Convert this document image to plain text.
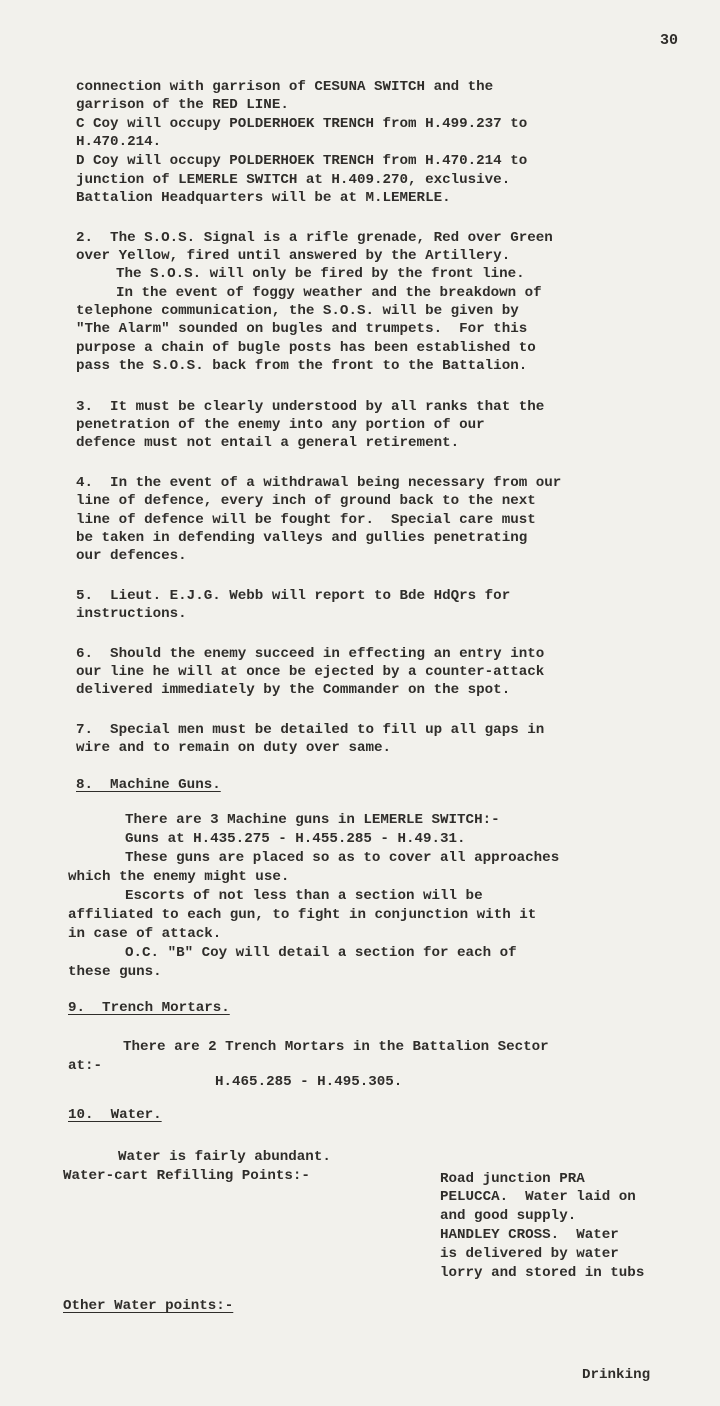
30

connection with garrison of CESUNA SWITCH and the

garrison of the RED LINE.

C Coy will occupy POLDERHOEK TRENCH from H.499.237 to

H.470.214.

D Coy will occupy POLDERHOEK TRENCH from H.470.214 to

junction of LEMERLE SWITCH at H.409.270, exclusive.

Battalion Headquarters will be at M.LEMERLE.

2.  The S.O.S. Signal is a rifle grenade, Red over Green

over Yellow, fired until answered by the Artillery.

The S.O.S. will only be fired by the front line.

In the event of foggy weather and the breakdown of

telephone communication, the S.O.S. will be given by

"The Alarm" sounded on bugles and trumpets.  For this

purpose a chain of bugle posts has been established to

pass the S.O.S. back from the front to the Battalion.

3.  It must be clearly understood by all ranks that the

penetration of the enemy into any portion of our

defence must not entail a general retirement.

4.  In the event of a withdrawal being necessary from our

line of defence, every inch of ground back to the next

line of defence will be fought for.  Special care must

be taken in defending valleys and gullies penetrating

our defences.

5.  Lieut. E.J.G. Webb will report to Bde HdQrs for

instructions.

6.  Should the enemy succeed in effecting an entry into

our line he will at once be ejected by a counter-attack

delivered immediately by the Commander on the spot.

7.  Special men must be detailed to fill up all gaps in

wire and to remain on duty over same.

8.  Machine Guns.

There are 3 Machine guns in LEMERLE SWITCH:-

Guns at H.435.275 - H.455.285 - H.49.31.

These guns are placed so as to cover all approaches

which the enemy might use.

Escorts of not less than a section will be

affiliated to each gun, to fight in conjunction with it

in case of attack.

O.C. "B" Coy will detail a section for each of

these guns.

9.  Trench Mortars.

There are 2 Trench Mortars in the Battalion Sector

at:-

H.465.285 - H.495.305.

10.  Water.

Water is fairly abundant.

Water-cart Refilling Points:-	Road junction PRA

PELUCCA.  Water laid on

and good supply.

HANDLEY CROSS.  Water

is delivered by water

lorry and stored in tubs

Other Water points:-

Drinking
